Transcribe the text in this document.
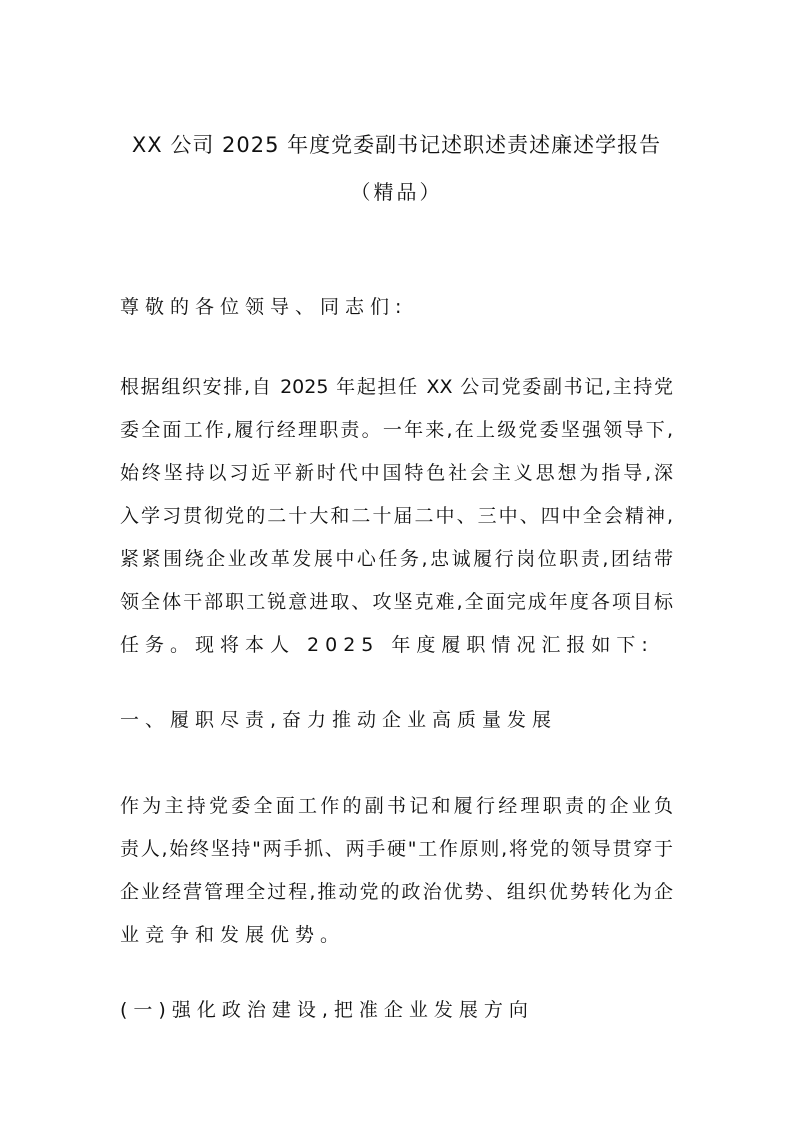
XX 公司 2025 年度党委副书记述职述责述廉述学报告
（精品）
尊敬的各位领导、同志们:
根据组织安排,自 2025 年起担任 XX 公司党委副书记,主持党
委全面工作,履行经理职责。一年来,在上级党委坚强领导下,
始终坚持以习近平新时代中国特色社会主义思想为指导,深
入学习贯彻党的二十大和二十届二中、三中、四中全会精神,
紧紧围绕企业改革发展中心任务,忠诚履行岗位职责,团结带
领全体干部职工锐意进取、攻坚克难,全面完成年度各项目标
任务。现将本人 2025 年度履职情况汇报如下:
一、履职尽责,奋力推动企业高质量发展
作为主持党委全面工作的副书记和履行经理职责的企业负
责人,始终坚持"两手抓、两手硬"工作原则,将党的领导贯穿于
企业经营管理全过程,推动党的政治优势、组织优势转化为企
业竞争和发展优势。
(一)强化政治建设,把准企业发展方向
